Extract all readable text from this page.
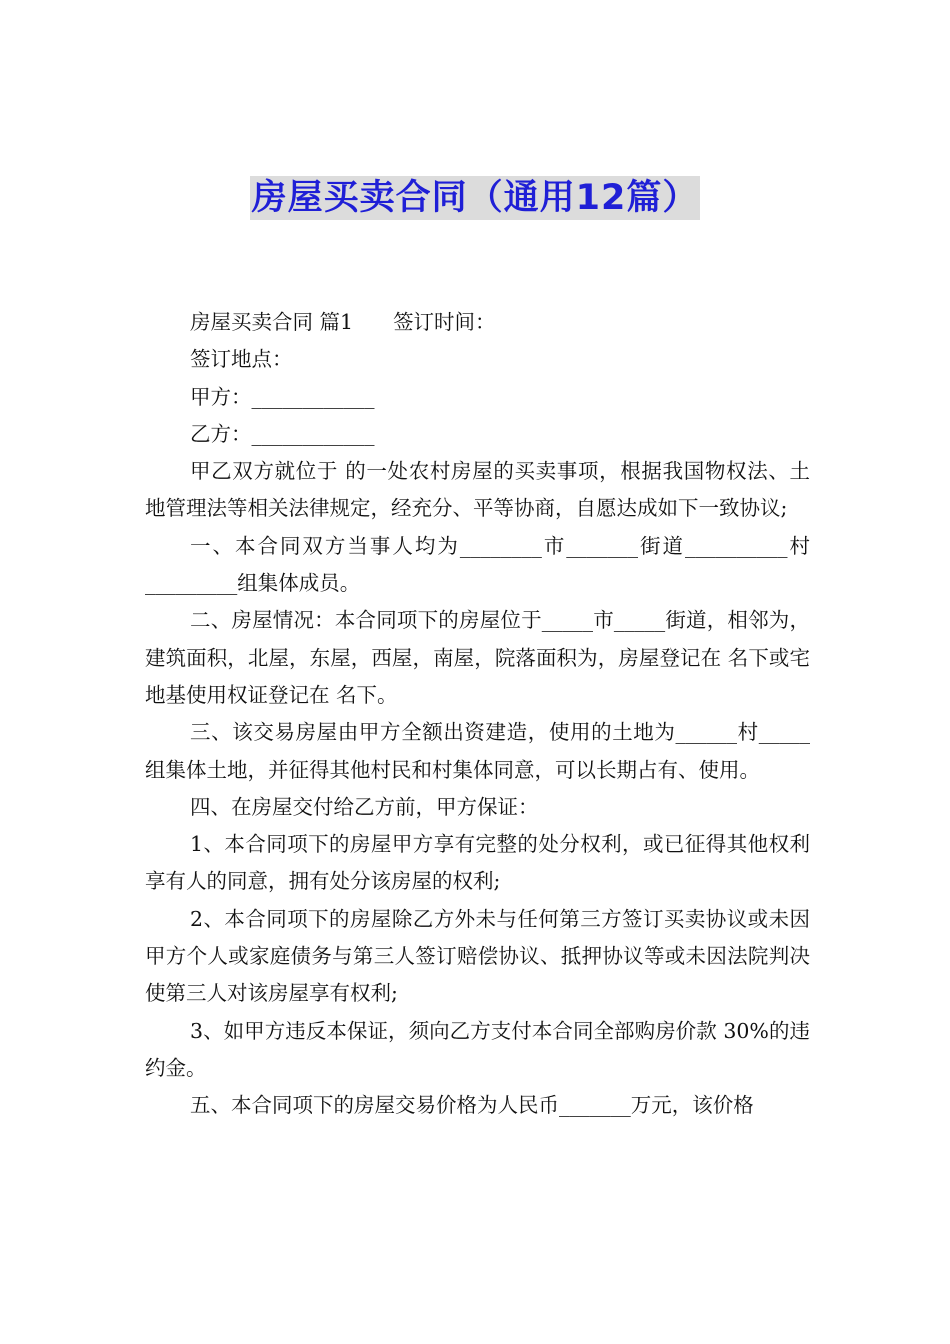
房屋买卖合同（通用12篇）

房屋买卖合同 篇1 签订时间：

签订地点：

甲方：____________

乙方：____________

甲乙双方就位于 的一处农村房屋的买卖事项，根据我国物权法、土地管理法等相关法律规定，经充分、平等协商，自愿达成如下一致协议;

一、本合同双方当事人均为________市_______街道__________村_________组集体成员。

二、房屋情况：本合同项下的房屋位于_____市_____街道，相邻为，建筑面积，北屋，东屋，西屋，南屋，院落面积为，房屋登记在 名下或宅地基使用权证登记在 名下。

三、该交易房屋由甲方全额出资建造，使用的土地为______村_____组集体土地，并征得其他村民和村集体同意，可以长期占有、使用。

四、在房屋交付给乙方前，甲方保证：

1、本合同项下的房屋甲方享有完整的处分权利，或已征得其他权利享有人的同意，拥有处分该房屋的权利;

2、本合同项下的房屋除乙方外未与任何第三方签订买卖协议或未因甲方个人或家庭债务与第三人签订赔偿协议、抵押协议等或未因法院判决使第三人对该房屋享有权利;

3、如甲方违反本保证，须向乙方支付本合同全部购房价款 30%的违约金。

五、本合同项下的房屋交易价格为人民币_______万元，该价格
